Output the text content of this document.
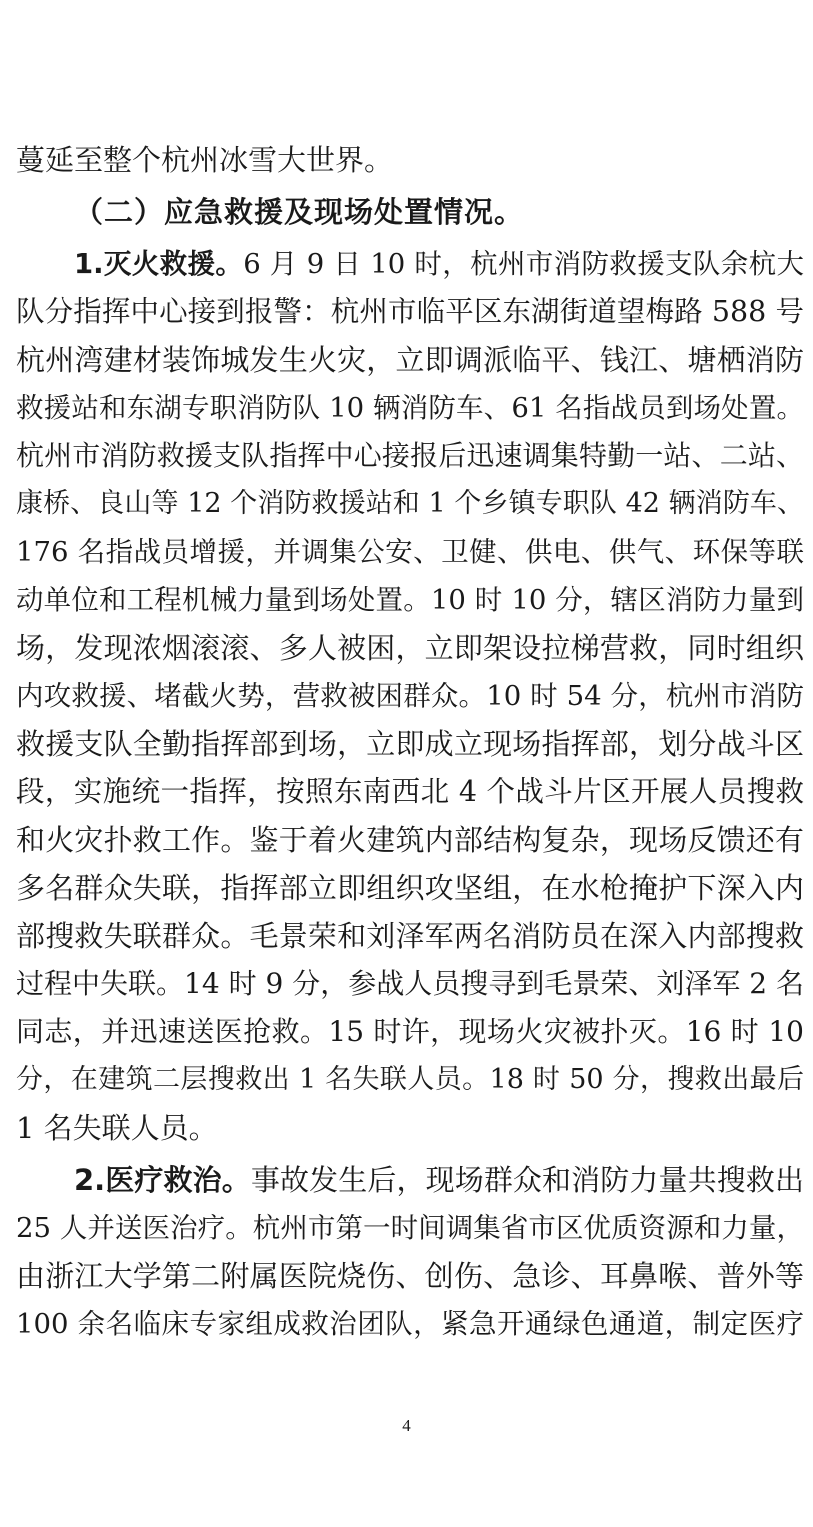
蔓延至整个杭州冰雪大世界。
（二）应急救援及现场处置情况。
1.灭火救援。6 月 9 日 10 时，杭州市消防救援支队余杭大
队分指挥中心接到报警：杭州市临平区东湖街道望梅路 588 号
杭州湾建材装饰城发生火灾，立即调派临平、钱江、塘栖消防
救援站和东湖专职消防队 10 辆消防车、61 名指战员到场处置。
杭州市消防救援支队指挥中心接报后迅速调集特勤一站、二站、
康桥、良山等 12 个消防救援站和 1 个乡镇专职队 42 辆消防车、
176 名指战员增援，并调集公安、卫健、供电、供气、环保等联
动单位和工程机械力量到场处置。10 时 10 分，辖区消防力量到
场，发现浓烟滚滚、多人被困，立即架设拉梯营救，同时组织
内攻救援、堵截火势，营救被困群众。10 时 54 分，杭州市消防
救援支队全勤指挥部到场，立即成立现场指挥部，划分战斗区
段，实施统一指挥，按照东南西北 4 个战斗片区开展人员搜救
和火灾扑救工作。鉴于着火建筑内部结构复杂，现场反馈还有
多名群众失联，指挥部立即组织攻坚组，在水枪掩护下深入内
部搜救失联群众。毛景荣和刘泽军两名消防员在深入内部搜救
过程中失联。14 时 9 分，参战人员搜寻到毛景荣、刘泽军 2 名
同志，并迅速送医抢救。15 时许，现场火灾被扑灭。16 时 10
分，在建筑二层搜救出 1 名失联人员。18 时 50 分，搜救出最后
1 名失联人员。
2.医疗救治。事故发生后，现场群众和消防力量共搜救出
25 人并送医治疗。杭州市第一时间调集省市区优质资源和力量，
由浙江大学第二附属医院烧伤、创伤、急诊、耳鼻喉、普外等
100 余名临床专家组成救治团队，紧急开通绿色通道，制定医疗
4
